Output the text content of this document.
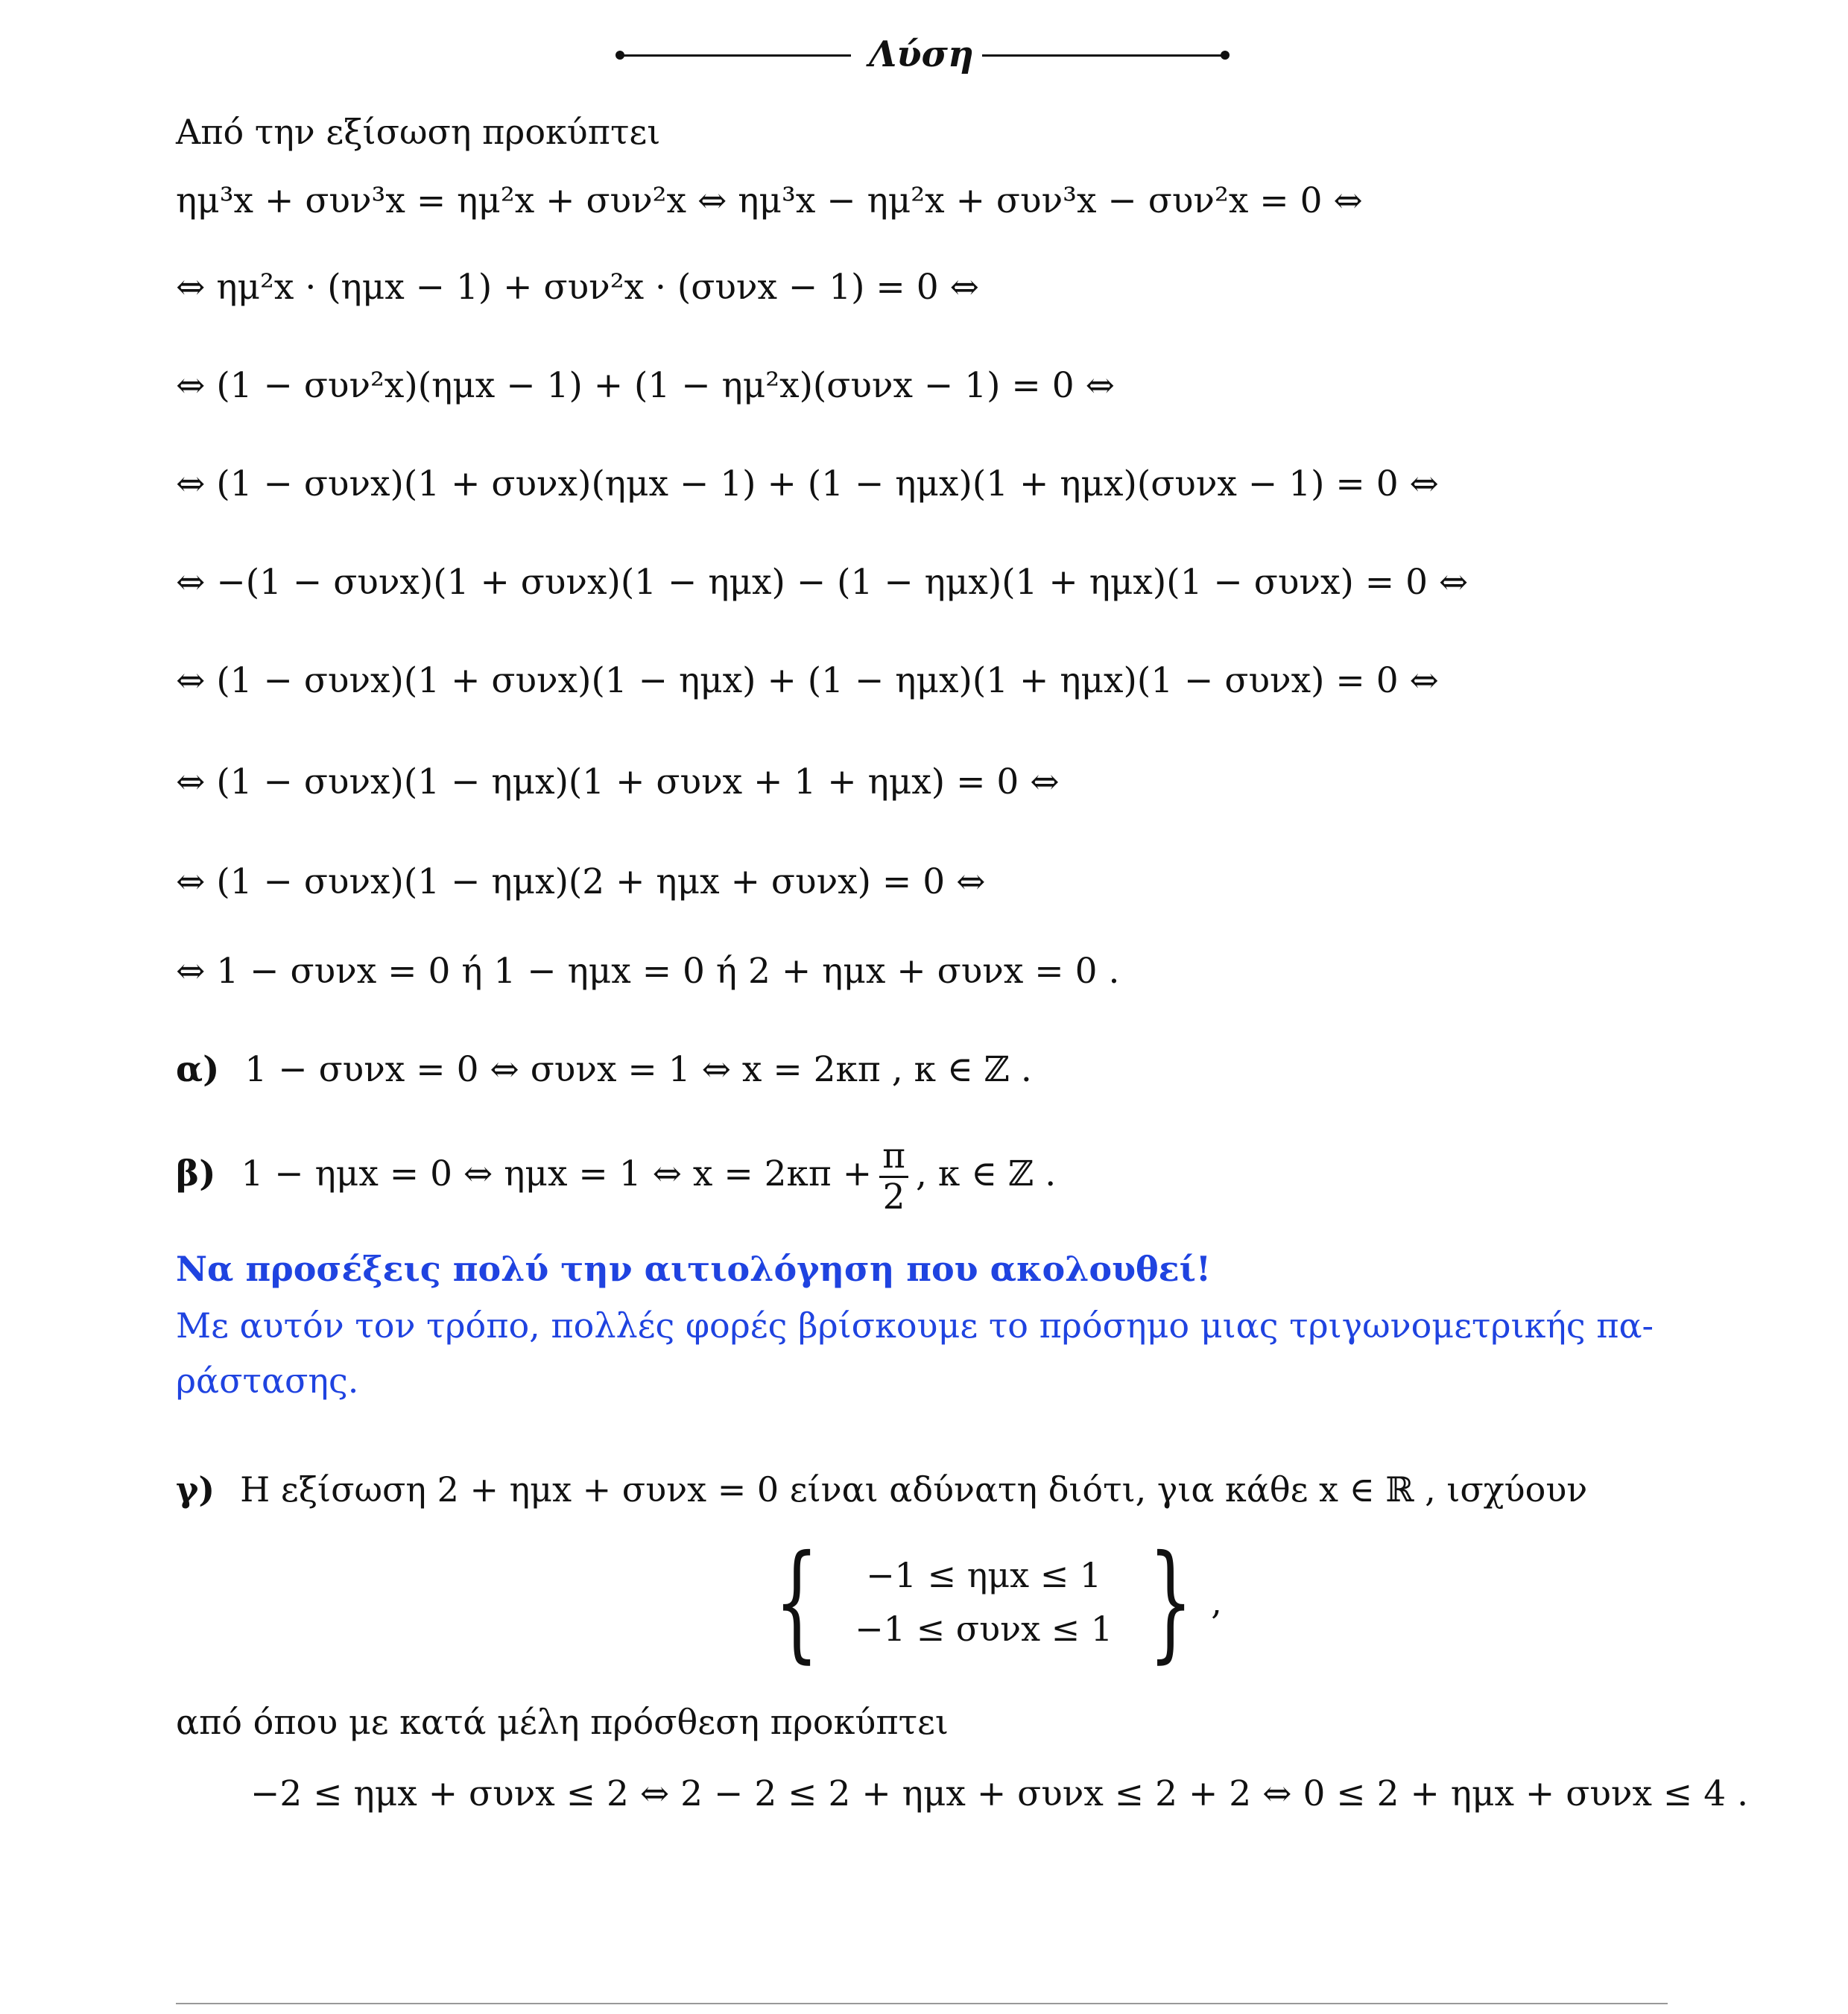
Λύση
Από την εξίσωση προκύπτει
ημ³x + συν³x = ημ²x + συν²x ⇔ ημ³x − ημ²x + συν³x − συν²x = 0 ⇔
⇔ ημ²x · (ημx − 1) + συν²x · (συνx − 1) = 0 ⇔
⇔ (1 − συν²x)(ημx − 1) + (1 − ημ²x)(συνx − 1) = 0 ⇔
⇔ (1 − συνx)(1 + συνx)(ημx − 1) + (1 − ημx)(1 + ημx)(συνx − 1) = 0 ⇔
⇔ −(1 − συνx)(1 + συνx)(1 − ημx) − (1 − ημx)(1 + ημx)(1 − συνx) = 0 ⇔
⇔ (1 − συνx)(1 + συνx)(1 − ημx) + (1 − ημx)(1 + ημx)(1 − συνx) = 0 ⇔
⇔ (1 − συνx)(1 − ημx)(1 + συνx + 1 + ημx) = 0 ⇔
⇔ (1 − συνx)(1 − ημx)(2 + ημx + συνx) = 0 ⇔
⇔ 1 − συνx = 0 ή 1 − ημx = 0 ή 2 + ημx + συνx = 0 .
α) 1 − συνx = 0 ⇔ συνx = 1 ⇔ x = 2κπ , κ ∈ ℤ .
β) 1 − ημx = 0 ⇔ ημx = 1 ⇔ $x = 2\kappa\pi + \frac{\pi}{2}$ , κ ∈ ℤ .
Να προσέξεις πολύ την αιτιολόγηση που ακολουθεί!
Με αυτόν τον τρόπο, πολλές φορές βρίσκουμε το πρόσημο μιας τριγωνομετρικής πα-
ράστασης.
γ) Η εξίσωση 2 + ημx + συνx = 0 είναι αδύνατη διότι, για κάθε x ∈ ℝ , ισχύουν
{ −1 ≤ ημx ≤ 1
−1 ≤ συνx ≤ 1 } ,
από όπου με κατά μέλη πρόσθεση προκύπτει
−2 ≤ ημx + συνx ≤ 2 ⇔ 2 − 2 ≤ 2 + ημx + συνx ≤ 2 + 2 ⇔ 0 ≤ 2 + ημx + συνx ≤ 4 .
